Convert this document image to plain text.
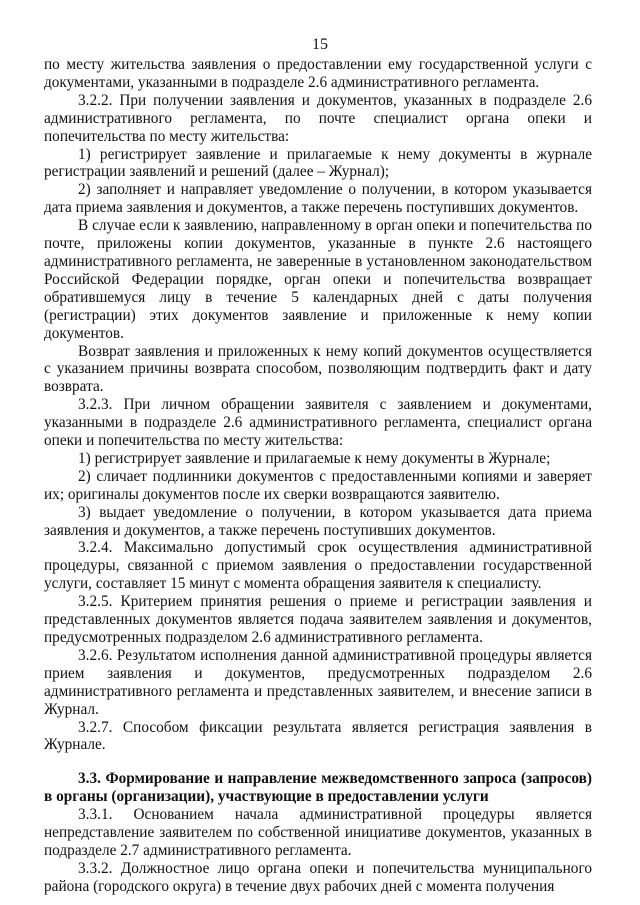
15

по месту жительства заявления о предоставлении ему государственной услуги с документами, указанными в подразделе 2.6 административного регламента.

3.2.2. При получении заявления и документов, указанных в подразделе 2.6 административного регламента, по почте специалист органа опеки и попечительства по месту жительства:

1) регистрирует заявление и прилагаемые к нему документы в журнале регистрации заявлений и решений (далее – Журнал);

2) заполняет и направляет уведомление о получении, в котором указывается дата приема заявления и документов, а также перечень поступивших документов.

В случае если к заявлению, направленному в орган опеки и попечительства по почте, приложены копии документов, указанные в пункте 2.6 настоящего административного регламента, не заверенные в установленном законодательством Российской Федерации порядке, орган опеки и попечительства возвращает обратившемуся лицу в течение 5 календарных дней с даты получения (регистрации) этих документов заявление и приложенные к нему копии документов.

Возврат заявления и приложенных к нему копий документов осуществляется с указанием причины возврата способом, позволяющим подтвердить факт и дату возврата.

3.2.3. При личном обращении заявителя с заявлением и документами, указанными в подразделе 2.6 административного регламента, специалист органа опеки и попечительства по месту жительства:

1) регистрирует заявление и прилагаемые к нему документы в Журнале;

2) сличает подлинники документов с предоставленными копиями и заверяет их; оригиналы документов после их сверки возвращаются заявителю.

3) выдает уведомление о получении, в котором указывается дата приема заявления и документов, а также перечень поступивших документов.

3.2.4. Максимально допустимый срок осуществления административной процедуры, связанной с приемом заявления о предоставлении государственной услуги, составляет 15 минут с момента обращения заявителя к специалисту.

3.2.5. Критерием принятия решения о приеме и регистрации заявления и представленных документов является подача заявителем заявления и документов, предусмотренных подразделом 2.6 административного регламента.

3.2.6. Результатом исполнения данной административной процедуры является прием заявления и документов, предусмотренных подразделом 2.6 административного регламента и представленных заявителем, и внесение записи в Журнал.

3.2.7. Способом фиксации результата является регистрация заявления в Журнале.

3.3. Формирование и направление межведомственного запроса (запросов) в органы (организации), участвующие в предоставлении услуги

3.3.1. Основанием начала административной процедуры является непредставление заявителем по собственной инициативе документов, указанных в подразделе 2.7 административного регламента.

3.3.2. Должностное лицо органа опеки и попечительства муниципального района (городского округа) в течение двух рабочих дней с момента получения
